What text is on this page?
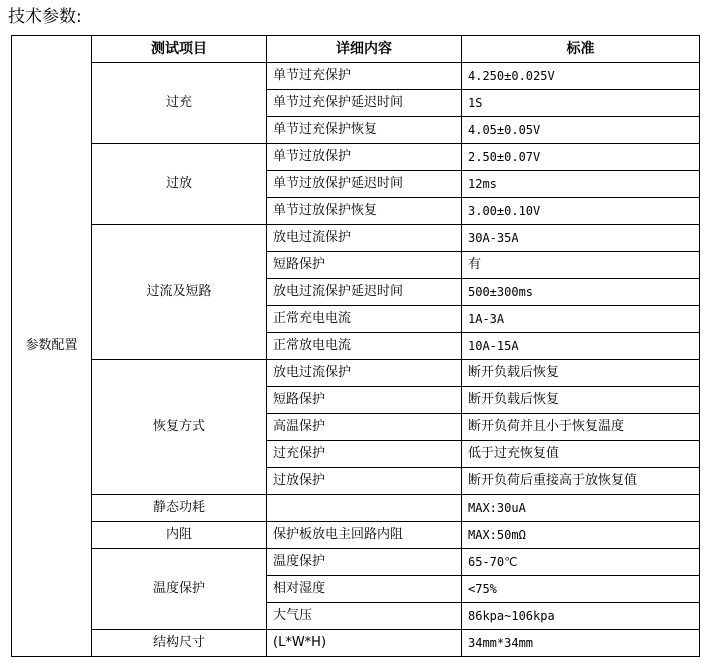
技术参数:
参数配置	测试项目	详细内容	标准
	过充	单节过充保护	4.250±0.025V
		单节过充保护延迟时间	1S
		单节过充保护恢复	4.05±0.05V
	过放	单节过放保护	2.50±0.07V
		单节过放保护延迟时间	12ms
		单节过放保护恢复	3.00±0.10V
	过流及短路	放电过流保护	30A-35A
		短路保护	有
		放电过流保护延迟时间	500±300ms
		正常充电电流	1A-3A
		正常放电电流	10A-15A
	恢复方式	放电过流保护	断开负载后恢复
		短路保护	断开负载后恢复
		高温保护	断开负荷并且小于恢复温度
		过充保护	低于过充恢复值
		过放保护	断开负荷后重接高于放恢复值
	静态功耗		MAX:30uA
	内阻	保护板放电主回路内阻	MAX:50mΩ
	温度保护	温度保护	65-70℃
		相对湿度	<75%
		大气压	86kpa~106kpa
	结构尺寸	(L*W*H)	34mm*34mm
